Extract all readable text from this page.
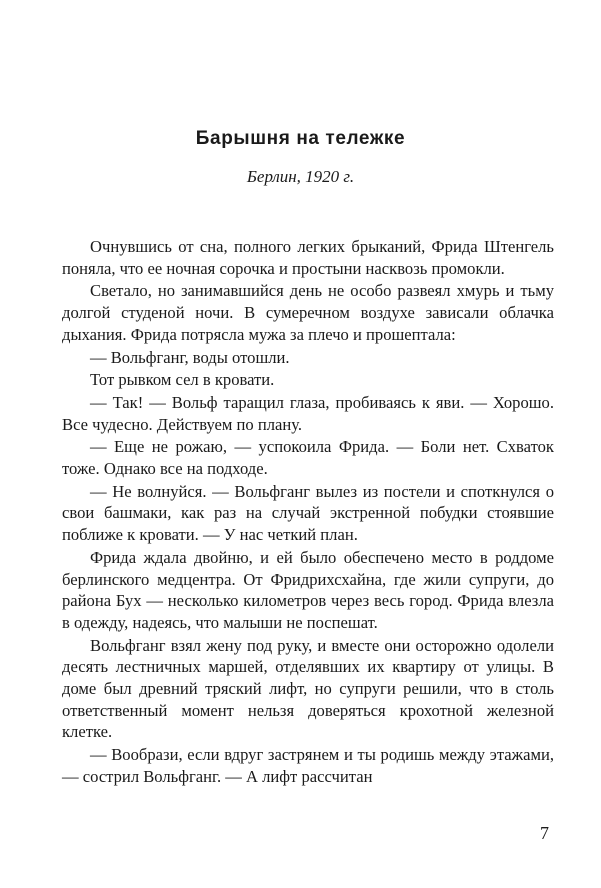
Барышня на тележке

Берлин, 1920 г.

Очнувшись от сна, полного легких брыканий, Фрида Штенгель поняла, что ее ночная сорочка и простыни насквозь промокли.

Светало, но занимавшийся день не особо развеял хмурь и тьму долгой студеной ночи. В сумеречном воздухе зависали облачка дыхания. Фрида потрясла мужа за плечо и прошептала:

— Вольфганг, воды отошли.

Тот рывком сел в кровати.

— Так! — Вольф таращил глаза, пробиваясь к яви. — Хорошо. Все чудесно. Действуем по плану.

— Еще не рожаю, — успокоила Фрида. — Боли нет. Схваток тоже. Однако все на подходе.

— Не волнуйся. — Вольфганг вылез из постели и споткнулся о свои башмаки, как раз на случай экстренной побудки стоявшие поближе к кровати. — У нас четкий план.

Фрида ждала двойню, и ей было обеспечено место в роддоме берлинского медцентра. От Фридрихсхайна, где жили супруги, до района Бух — несколько километров через весь город. Фрида влезла в одежду, надеясь, что малыши не поспешат.

Вольфганг взял жену под руку, и вместе они осторожно одолели десять лестничных маршей, отделявших их квартиру от улицы. В доме был древний тряский лифт, но супруги решили, что в столь ответственный момент нельзя доверяться крохотной железной клетке.

— Вообрази, если вдруг застрянем и ты родишь между этажами, — сострил Вольфганг. — А лифт рассчитан

7
